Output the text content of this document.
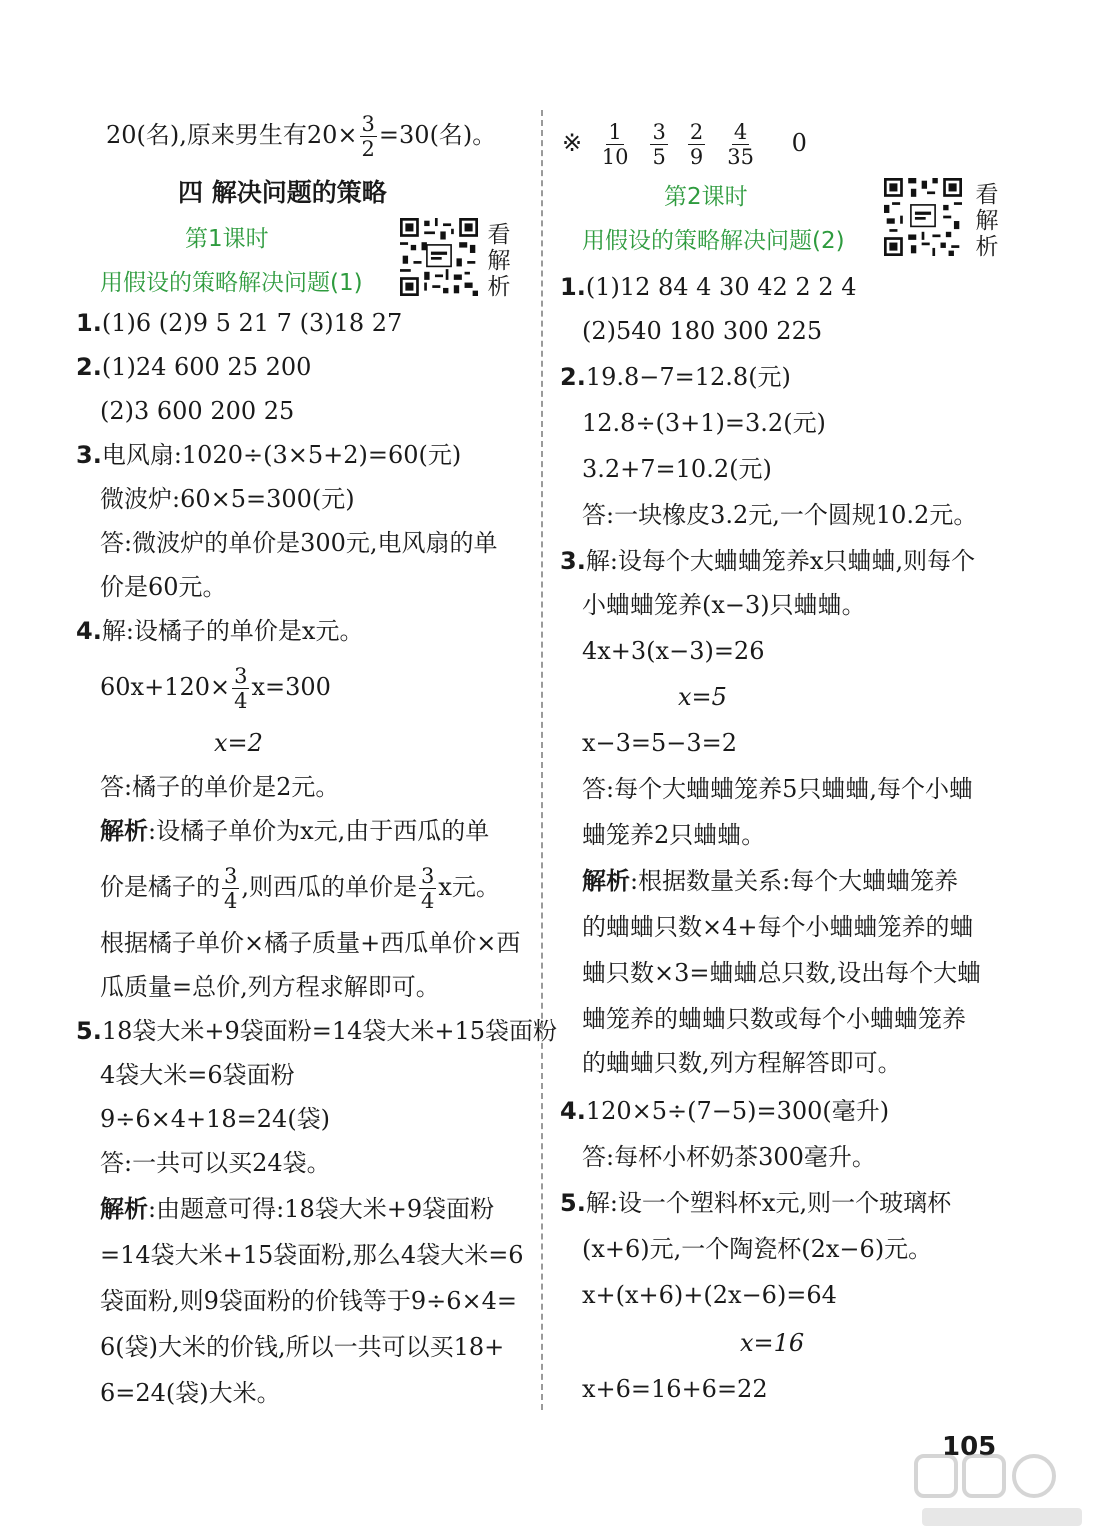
20(名),原来男生有$20\times \frac{3}{2} =30$(名)。
四 解决问题的策略
第1课时
用假设的策略解决问题(1)
看解析
1.(1)6 (2)9 5 21 7 (3)18 27
2.(1)24 600 25 200
(2)3 600 200 25
3.电风扇:1020÷(3×5+2)=60(元)
微波炉:60×5=300(元)
答:微波炉的单价是300元,电风扇的单
价是60元。
4.解:设橘子的单价是x元。
$60x+120\times \frac{3}{4} x=300$
x=2
答:橘子的单价是2元。
解析:设橘子单价为x元,由于西瓜的单
价是橘子的 $\frac{3}{4}$ ,则西瓜的单价是 $\frac{3}{4}$ x元。
根据橘子单价×橘子质量+西瓜单价×西
瓜质量=总价,列方程求解即可。
5.18袋大米+9袋面粉=14袋大米+15袋面粉
4袋大米=6袋面粉
9÷6×4+18=24(袋)
答:一共可以买24袋。
解析:由题意可得:18袋大米+9袋面粉
=14袋大米+15袋面粉,那么4袋大米=6
袋面粉,则9袋面粉的价钱等于9÷6×4=
6(袋)大米的价钱,所以一共可以买18+
6=24(袋)大米。
※ $\frac{1}{10} \frac{3}{5} \frac{2}{9} \frac{4}{35} 0$
第2课时
用假设的策略解决问题(2)
看解析
1.(1)12 84 4 30 42 2 2 4
(2)540 180 300 225
2.19.8−7=12.8(元)
12.8÷(3+1)=3.2(元)
3.2+7=10.2(元)
答:一块橡皮3.2元,一个圆规10.2元。
3.解:设每个大蛐蛐笼养x只蛐蛐,则每个
小蛐蛐笼养(x−3)只蛐蛐。
4x+3(x−3)=26
x=5
x−3=5−3=2
答:每个大蛐蛐笼养5只蛐蛐,每个小蛐
蛐笼养2只蛐蛐。
解析:根据数量关系:每个大蛐蛐笼养
的蛐蛐只数×4+每个小蛐蛐笼养的蛐
蛐只数×3=蛐蛐总只数,设出每个大蛐
蛐笼养的蛐蛐只数或每个小蛐蛐笼养
的蛐蛐只数,列方程解答即可。
4.120×5÷(7−5)=300(毫升)
答:每杯小杯奶茶300毫升。
5.解:设一个塑料杯x元,则一个玻璃杯
(x+6)元,一个陶瓷杯(2x−6)元。
x+(x+6)+(2x−6)=64
x=16
x+6=16+6=22
105
